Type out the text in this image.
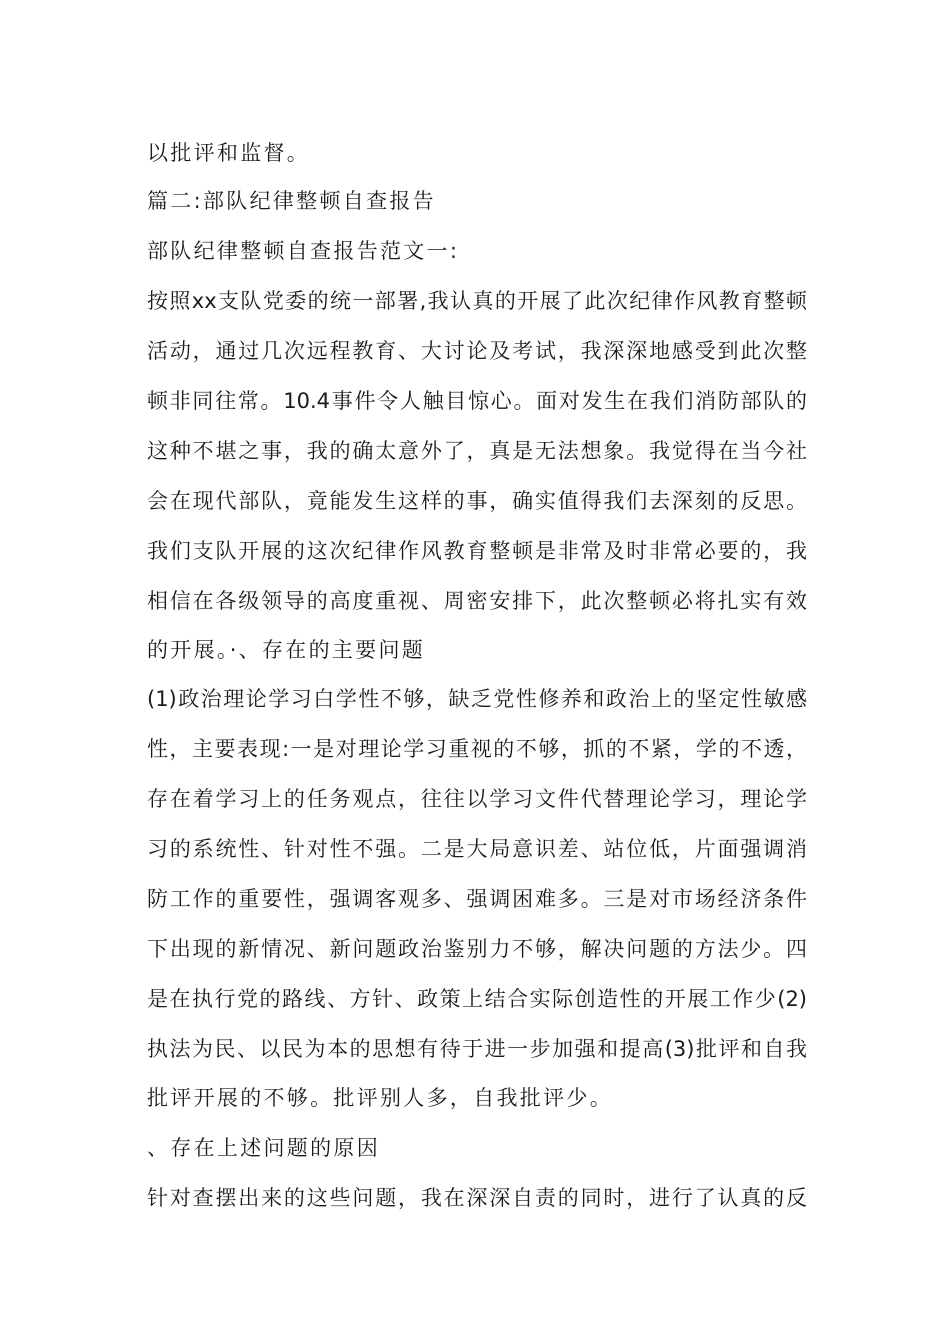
以批评和监督。

篇二:部队纪律整顿自查报告

部队纪律整顿自查报告范文一:

按照xx支队党委的统一部署,我认真的开展了此次纪律作风教育整顿

活动，通过几次远程教育、大讨论及考试，我深深地感受到此次整

顿非同往常。10.4事件令人触目惊心。面对发生在我们消防部队的

这种不堪之事，我的确太意外了，真是无法想象。我觉得在当今社

会在现代部队，竟能发生这样的事，确实值得我们去深刻的反思。

我们支队开展的这次纪律作风教育整顿是非常及时非常必要的，我

相信在各级领导的高度重视、周密安排下，此次整顿必将扎实有效

的开展。·、存在的主要问题

(1)政治理论学习白学性不够，缺乏党性修养和政治上的坚定性敏感

性，主要表现:一是对理论学习重视的不够，抓的不紧，学的不透，

存在着学习上的任务观点，往往以学习文件代替理论学习，理论学

习的系统性、针对性不强。二是大局意识差、站位低，片面强调消

防工作的重要性，强调客观多、强调困难多。三是对市场经济条件

下出现的新情况、新问题政治鉴别力不够，解决问题的方法少。四

是在执行党的路线、方针、政策上结合实际创造性的开展工作少(2)

执法为民、以民为本的思想有待于进一步加强和提高(3)批评和自我

批评开展的不够。批评别人多，自我批评少。

、存在上述问题的原因

针对查摆出来的这些问题，我在深深自责的同时，进行了认真的反
